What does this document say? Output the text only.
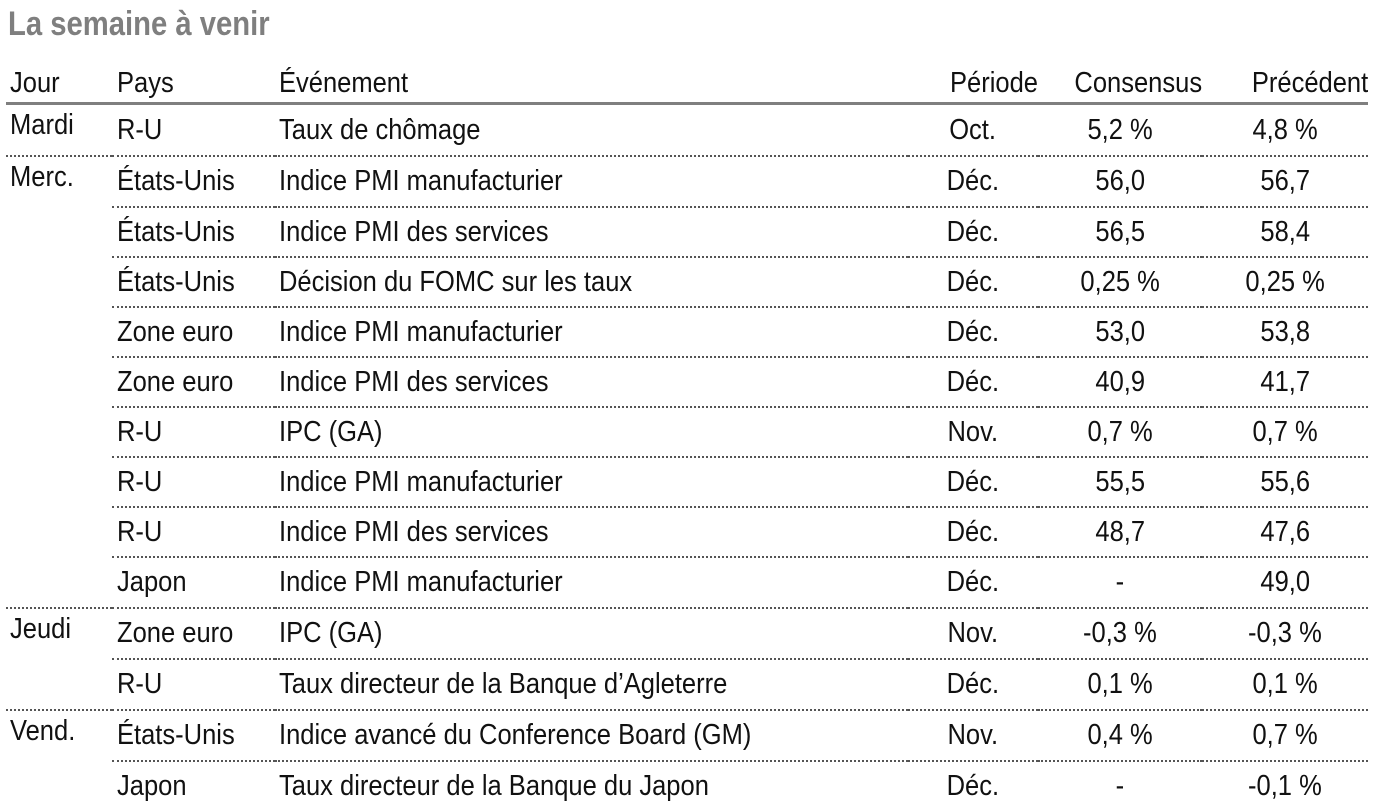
La semaine à venir
Jour	Pays	Événement	Période	Consensus	Précédent
Mardi	R-U	Taux de chômage	Oct.	5,2 %	4,8 %
Merc.	États-Unis	Indice PMI manufacturier	Déc.	56,0	56,7
	États-Unis	Indice PMI des services	Déc.	56,5	58,4
	États-Unis	Décision du FOMC sur les taux	Déc.	0,25 %	0,25 %
	Zone euro	Indice PMI manufacturier	Déc.	53,0	53,8
	Zone euro	Indice PMI des services	Déc.	40,9	41,7
	R-U	IPC (GA)	Nov.	0,7 %	0,7 %
	R-U	Indice PMI manufacturier	Déc.	55,5	55,6
	R-U	Indice PMI des services	Déc.	48,7	47,6
	Japon	Indice PMI manufacturier	Déc.	-	49,0
Jeudi	Zone euro	IPC (GA)	Nov.	-0,3 %	-0,3 %
	R-U	Taux directeur de la Banque d’Agleterre	Déc.	0,1 %	0,1 %
Vend.	États-Unis	Indice avancé du Conference Board (GM)	Nov.	0,4 %	0,7 %
	Japon	Taux directeur de la Banque du Japon	Déc.	-	-0,1 %
